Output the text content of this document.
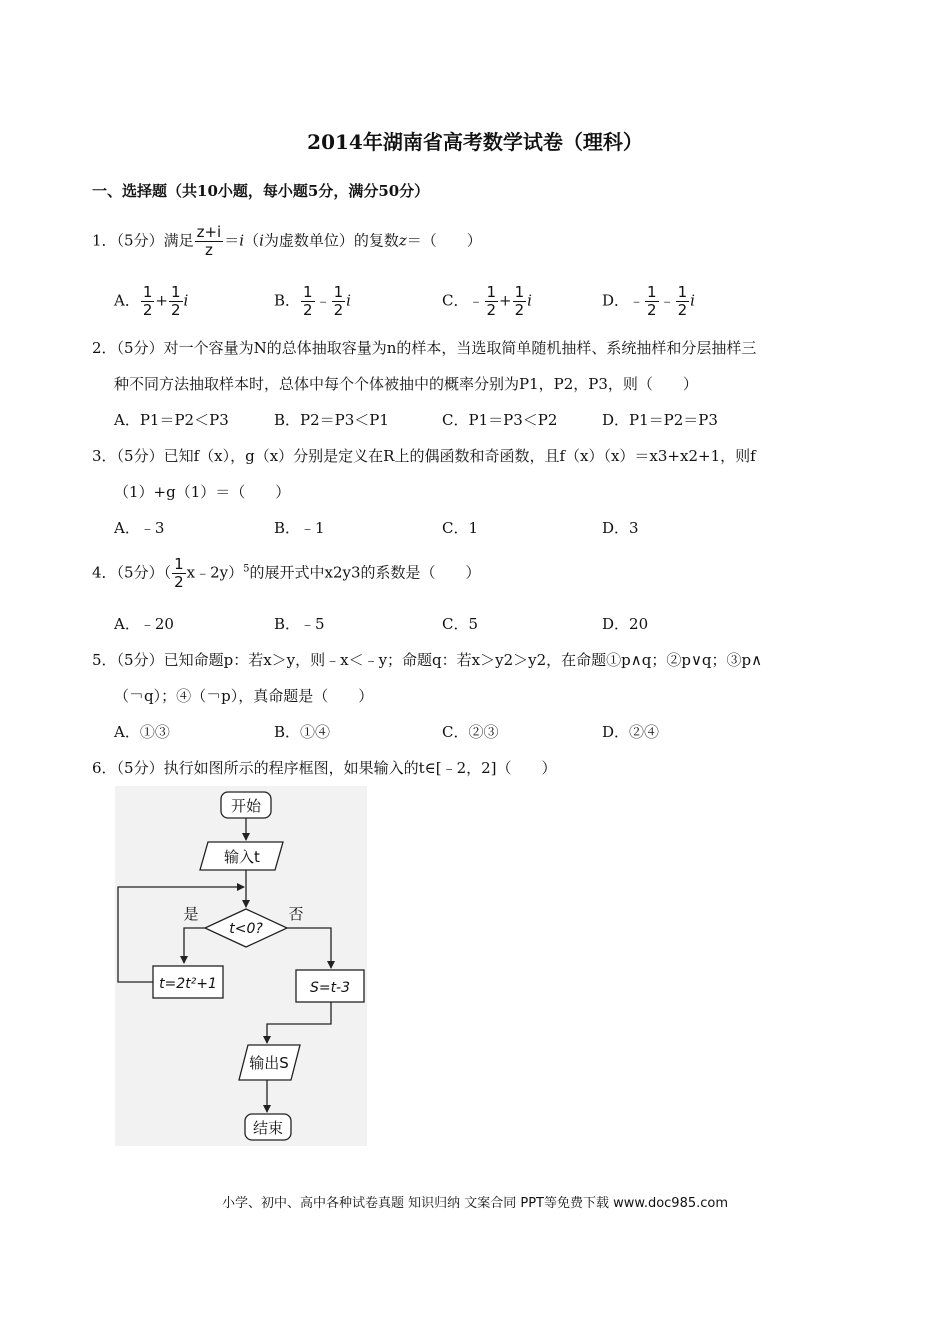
2014年湖南省高考数学试卷（理科）
一、选择题（共10小题，每小题5分，满分50分）
1．（5分）满足 $\frac{z+i}{z} =i(i$为虚数单位）的复数z＝（　　）
A． $\frac{1}{2} + \frac{1}{2}$ i	B． $\frac{1}{2}$ ﹣ $\frac{1}{2}$ i	C．﹣ $\frac{1}{2} + \frac{1}{2}$ i	D．﹣ $\frac{1}{2}$ ﹣ $\frac{1}{2}$ i
2．（5分）对一个容量为N的总体抽取容量为n的样本，当选取简单随机抽样、系统抽样和分层抽样三
种不同方法抽取样本时，总体中每个个体被抽中的概率分别为P1，P2，P3，则（　　）
A．P1＝P2＜P3	B．P2＝P3＜P1	C．P1＝P3＜P2	D．P1＝P2＝P3
3．（5分）已知f（x），g（x）分别是定义在R上的偶函数和奇函数，且f（x）（x）＝x3+x2+1，则f
（1）+g（1）＝（　　）
A．﹣3	B．﹣1	C．1	D．3
4．（5分）（ $\frac{1}{2}$ x﹣2y）$^5$的展开式中x2y3的系数是（　　）
A．﹣20	B．﹣5	C．5	D．20
5．（5分）已知命题p：若x＞y，则﹣x＜﹣y；命题q：若x＞y2＞y2，在命题①p∧q；②p∨q；③p∧
（￢q）；④（￢p），真命题是（　　）
A．①③	B．①④	C．②③	D．②④
6．（5分）执行如图所示的程序框图，如果输入的t∈[﹣2，2]（　　）
开始
输入t
t<0?
是	否
t=2t²+1	S=t-3
输出S
结束
小学、初中、高中各种试卷真题 知识归纳 文案合同 PPT等免费下载 www.doc985.com
